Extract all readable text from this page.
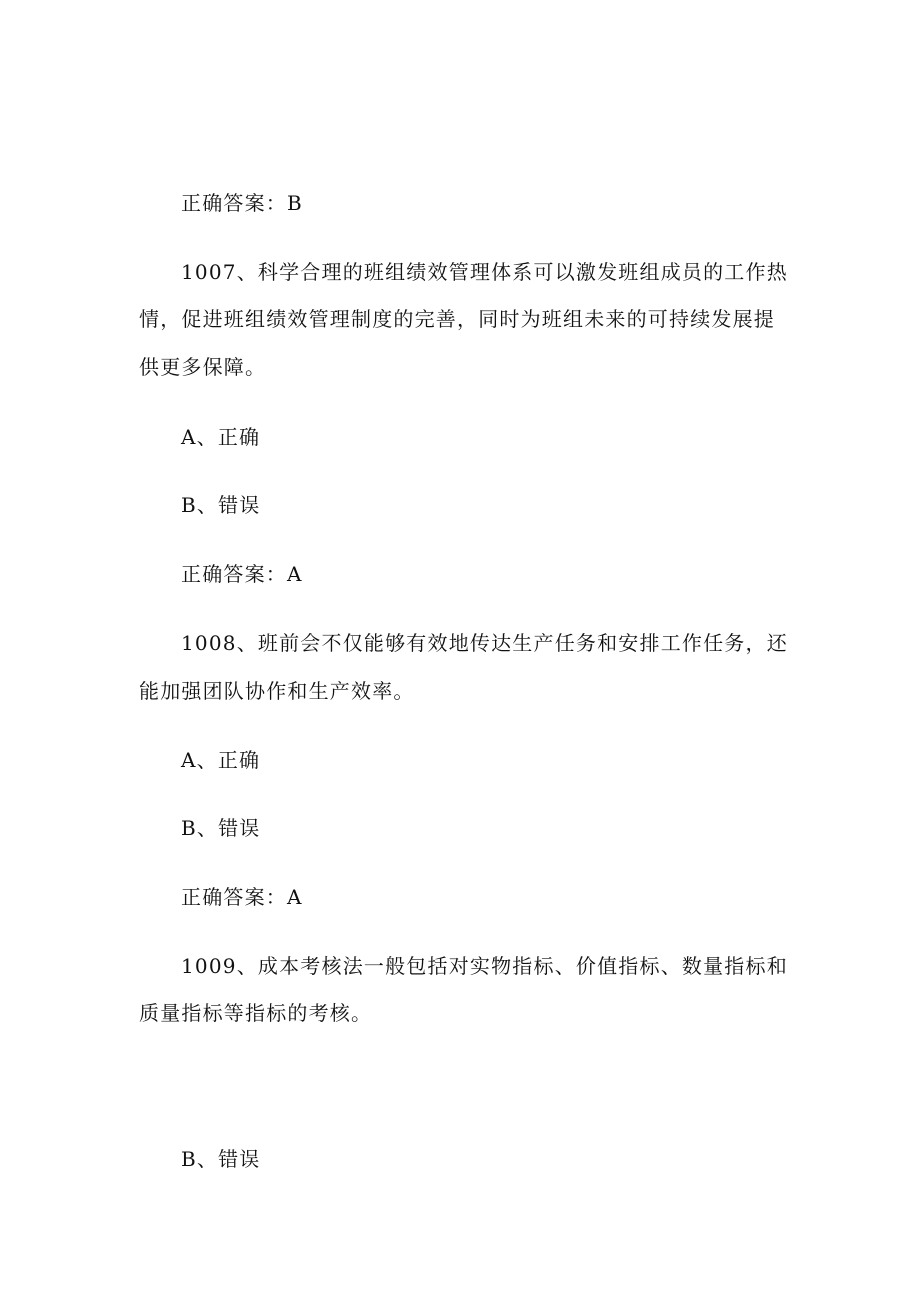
正确答案：B
1007、科学合理的班组绩效管理体系可以激发班组成员的工作热
情，促进班组绩效管理制度的完善，同时为班组未来的可持续发展提
供更多保障。
A、正确
B、错误
正确答案：A
1008、班前会不仅能够有效地传达生产任务和安排工作任务，还
能加强团队协作和生产效率。
A、正确
B、错误
正确答案：A
1009、成本考核法一般包括对实物指标、价值指标、数量指标和
质量指标等指标的考核。
B、错误
